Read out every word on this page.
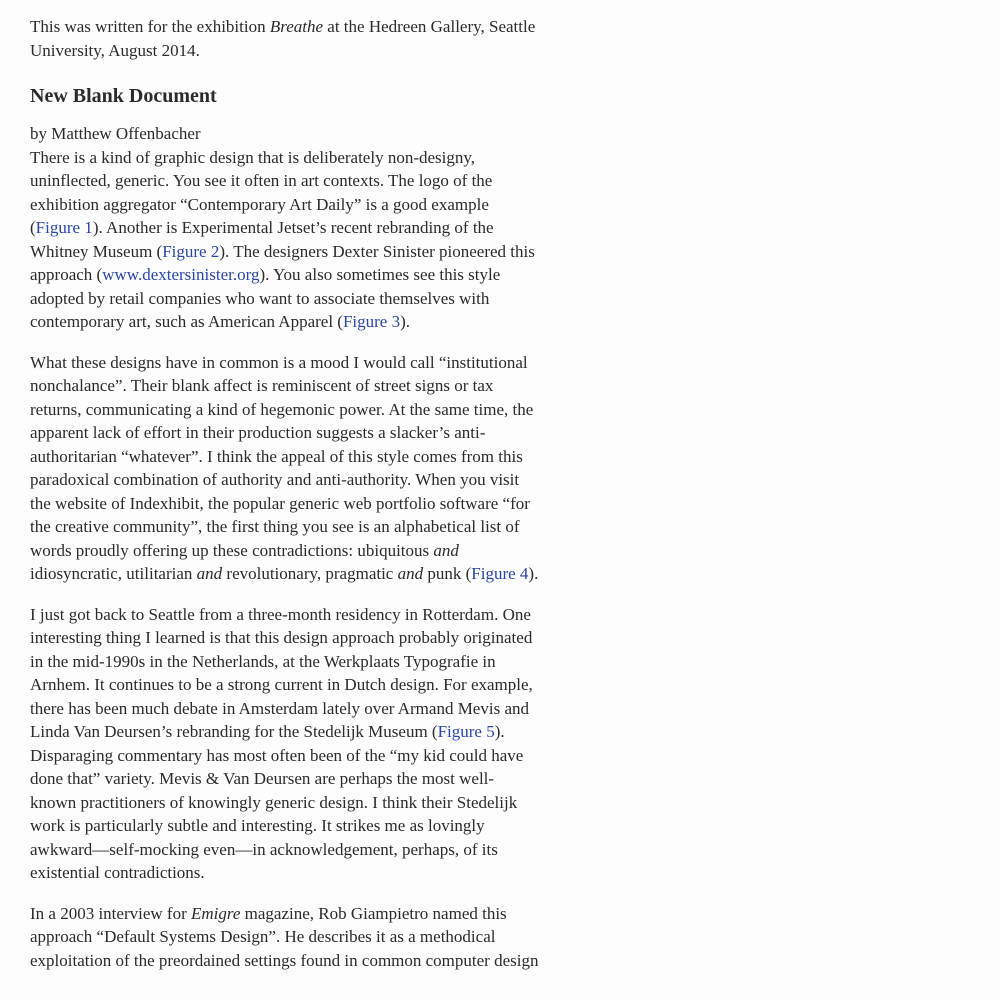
This was written for the exhibition Breathe at the Hedreen Gallery, Seattle

University, August 2014.

New Blank Document

by Matthew Offenbacher

There is a kind of graphic design that is deliberately non-designy,

uninflected, generic. You see it often in art contexts. The logo of the

exhibition aggregator “Contemporary Art Daily” is a good example

(Figure 1). Another is Experimental Jetset’s recent rebranding of the

Whitney Museum (Figure 2). The designers Dexter Sinister pioneered this

approach (www.dextersinister.org). You also sometimes see this style

adopted by retail companies who want to associate themselves with

contemporary art, such as American Apparel (Figure 3).

What these designs have in common is a mood I would call “institutional

nonchalance”. Their blank affect is reminiscent of street signs or tax

returns, communicating a kind of hegemonic power. At the same time, the

apparent lack of effort in their production suggests a slacker’s anti-

authoritarian “whatever”. I think the appeal of this style comes from this

paradoxical combination of authority and anti-authority. When you visit

the website of Indexhibit, the popular generic web portfolio software “for

the creative community”, the first thing you see is an alphabetical list of

words proudly offering up these contradictions: ubiquitous and

idiosyncratic, utilitarian and revolutionary, pragmatic and punk (Figure 4).

I just got back to Seattle from a three-month residency in Rotterdam. One

interesting thing I learned is that this design approach probably originated

in the mid-1990s in the Netherlands, at the Werkplaats Typografie in

Arnhem. It continues to be a strong current in Dutch design. For example,

there has been much debate in Amsterdam lately over Armand Mevis and

Linda Van Deursen’s rebranding for the Stedelijk Museum (Figure 5).

Disparaging commentary has most often been of the “my kid could have

done that” variety. Mevis & Van Deursen are perhaps the most well-

known practitioners of knowingly generic design. I think their Stedelijk

work is particularly subtle and interesting. It strikes me as lovingly

awkward—self-mocking even—in acknowledgement, perhaps, of its

existential contradictions.

In a 2003 interview for Emigre magazine, Rob Giampietro named this

approach “Default Systems Design”. He describes it as a methodical

exploitation of the preordained settings found in common computer design
